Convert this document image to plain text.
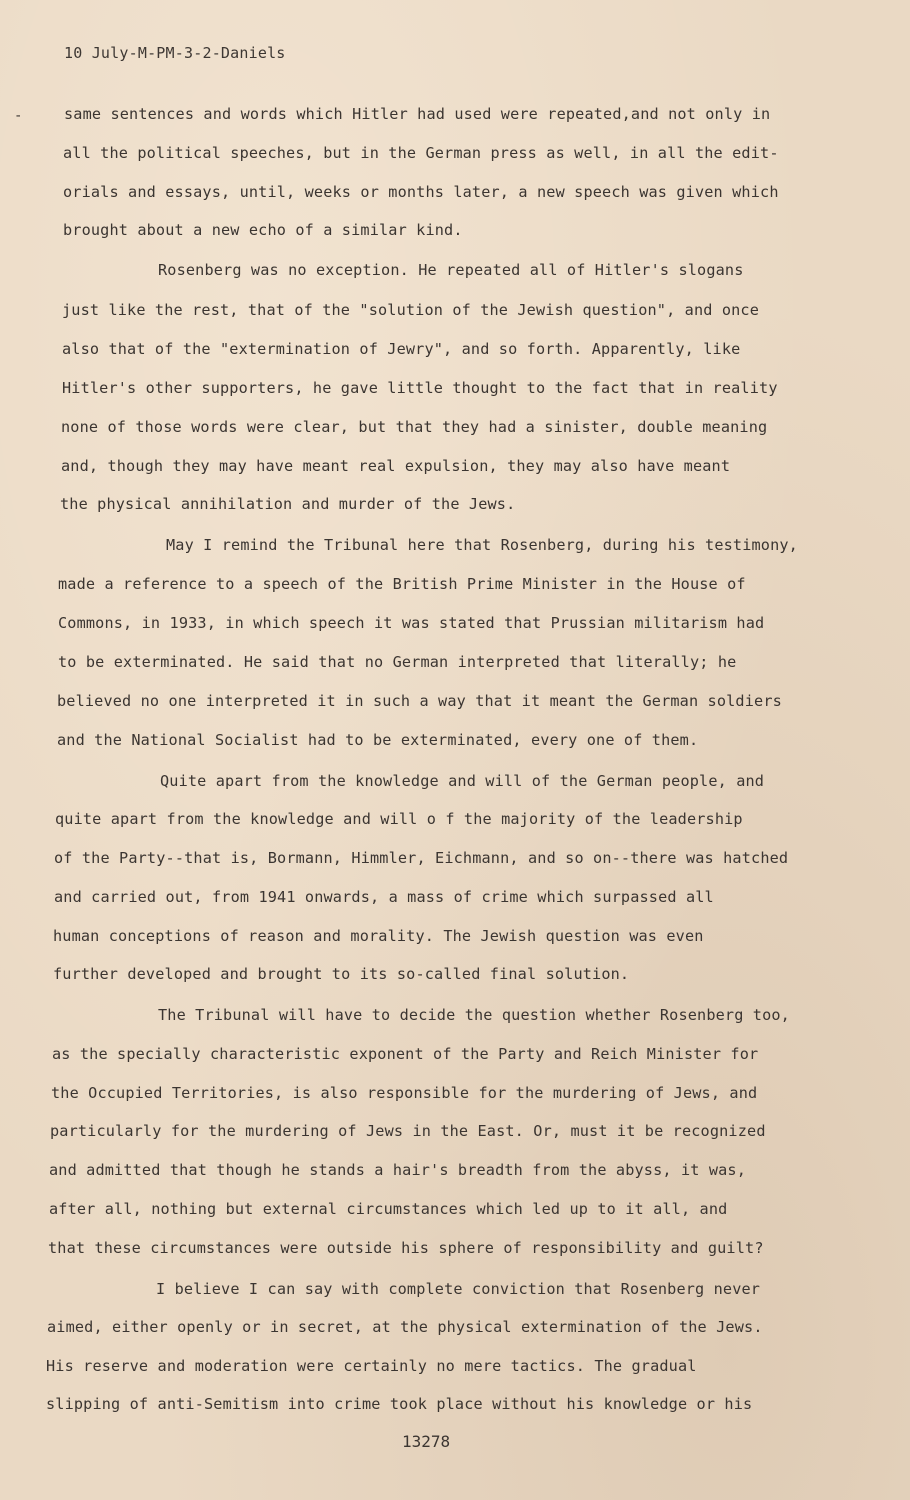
10 July-M-PM-3-2-Daniels
-	same sentences and words which Hitler had used were repeated,and not only in
all the political speeches, but in the German press as well, in all the edit-
orials and essays, until, weeks or months later, a new speech was given which
brought about a new echo of a similar kind.
Rosenberg was no exception. He repeated all of Hitler's slogans
just like the rest, that of the "solution of the Jewish question", and once
also that of the "extermination of Jewry", and so forth. Apparently, like
Hitler's other supporters, he gave little thought to the fact that in reality
none of those words were clear, but that they had a sinister, double meaning
and, though they may have meant real expulsion, they may also have meant
the physical annihilation and murder of the Jews.
May I remind the Tribunal here that Rosenberg, during his testimony,
made a reference to a speech of the British Prime Minister in the House of
Commons, in 1933, in which speech it was stated that Prussian militarism had
to be exterminated. He said that no German interpreted that literally; he
believed no one interpreted it in such a way that it meant the German soldiers
and the National Socialist had to be exterminated, every one of them.
Quite apart from the knowledge and will of the German people, and
quite apart from the knowledge and will o f the majority of the leadership
of the Party--that is, Bormann, Himmler, Eichmann, and so on--there was hatched
and carried out, from 1941 onwards, a mass of crime which surpassed all
human conceptions of reason and morality. The Jewish question was even
further developed and brought to its so-called final solution.
The Tribunal will have to decide the question whether Rosenberg too,
as the specially characteristic exponent of the Party and Reich Minister for
the Occupied Territories, is also responsible for the murdering of Jews, and
particularly for the murdering of Jews in the East. Or, must it be recognized
and admitted that though he stands a hair's breadth from the abyss, it was,
after all, nothing but external circumstances which led up to it all, and
that these circumstances were outside his sphere of responsibility and guilt?
I believe I can say with complete conviction that Rosenberg never
aimed, either openly or in secret, at the physical extermination of the Jews.
His reserve and moderation were certainly no mere tactics. The gradual
slipping of anti-Semitism into crime took place without his knowledge or his
13278
